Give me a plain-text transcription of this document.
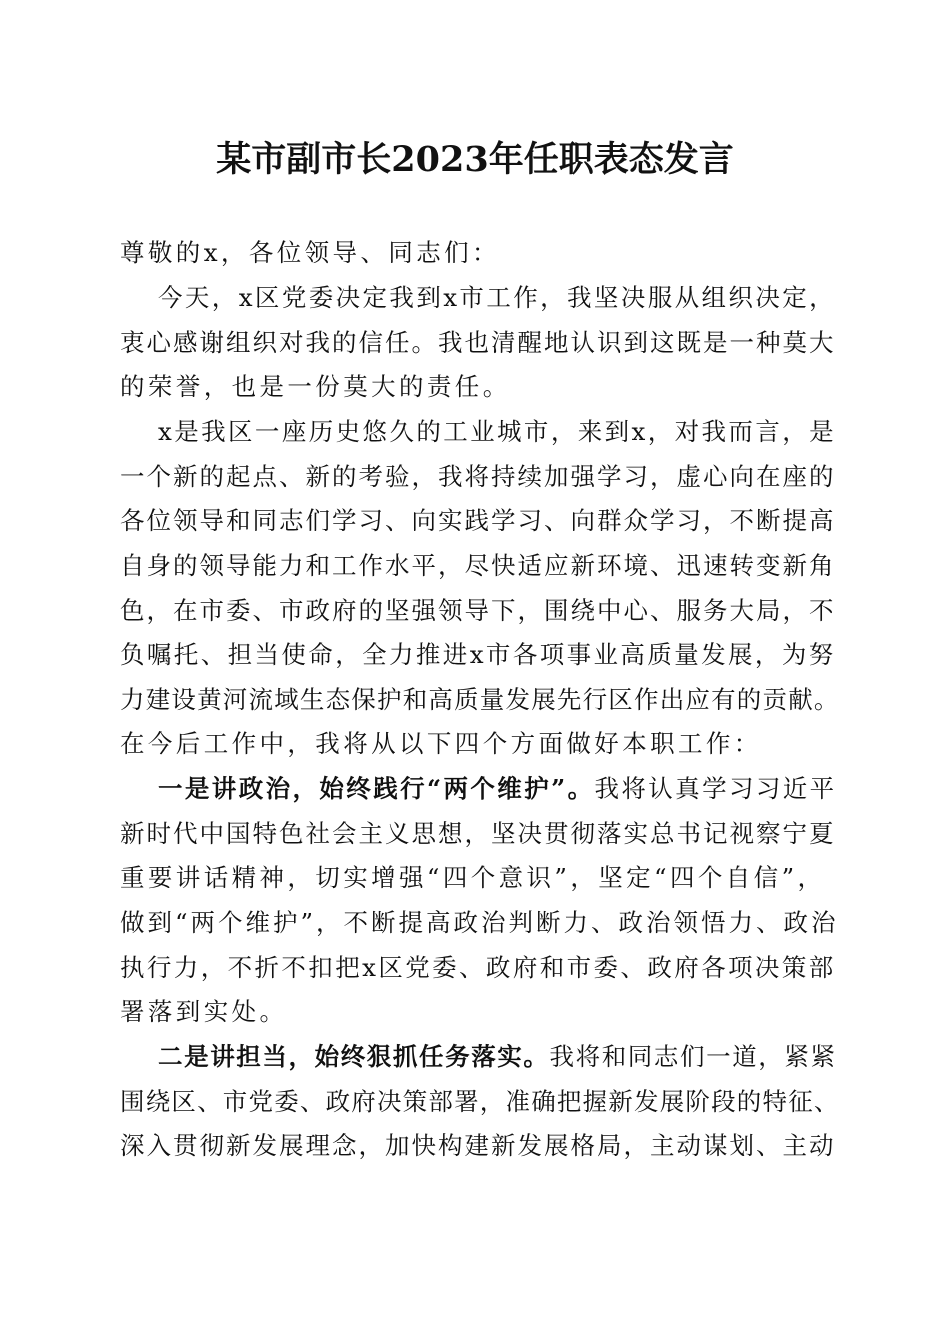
某市副市长2023年任职表态发言
尊敬的x，各位领导、同志们：
今天，x区党委决定我到x市工作，我坚决服从组织决定，
衷心感谢组织对我的信任。我也清醒地认识到这既是一种莫大
的荣誉，也是一份莫大的责任。
x是我区一座历史悠久的工业城市，来到x，对我而言，是
一个新的起点、新的考验，我将持续加强学习，虚心向在座的
各位领导和同志们学习、向实践学习、向群众学习，不断提高
自身的领导能力和工作水平，尽快适应新环境、迅速转变新角
色，在市委、市政府的坚强领导下，围绕中心、服务大局，不
负嘱托、担当使命，全力推进x市各项事业高质量发展，为努
力建设黄河流域生态保护和高质量发展先行区作出应有的贡献。
在今后工作中，我将从以下四个方面做好本职工作：
一是讲政治，始终践行“两个维护”。我将认真学习习近平
新时代中国特色社会主义思想，坚决贯彻落实总书记视察宁夏
重要讲话精神，切实增强“四个意识”，坚定“四个自信”，
做到“两个维护”，不断提高政治判断力、政治领悟力、政治
执行力，不折不扣把x区党委、政府和市委、政府各项决策部
署落到实处。
二是讲担当，始终狠抓任务落实。我将和同志们一道，紧紧
围绕区、市党委、政府决策部署，准确把握新发展阶段的特征、
深入贯彻新发展理念，加快构建新发展格局，主动谋划、主动
